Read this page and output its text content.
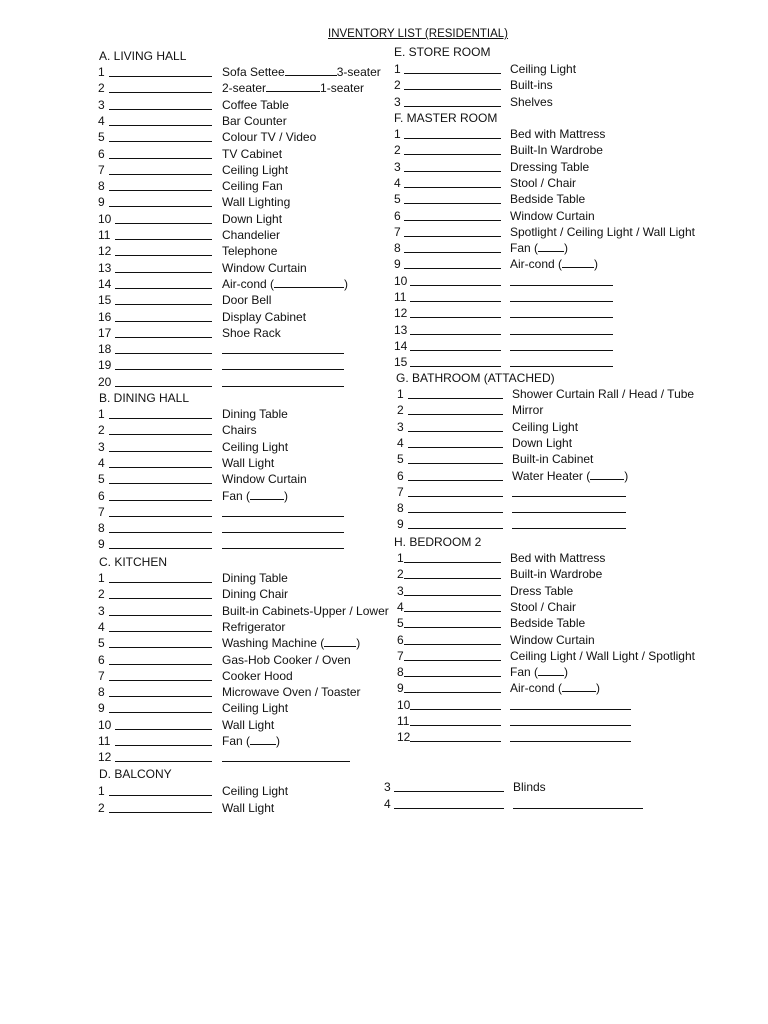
INVENTORY LIST (RESIDENTIAL)
A. LIVING HALL
B. DINING HALL
C. KITCHEN
D. BALCONY
E. STORE ROOM
F. MASTER ROOM
G. BATHROOM (ATTACHED)
H. BEDROOM 2
1	Sofa Settee	3-seater
2	2-seater	1-seater
3	Coffee Table
4	Bar Counter
5	Colour TV / Video
6	TV Cabinet
7	Ceiling Light
8	Ceiling Fan
9	Wall Lighting
10	Down Light
11	Chandelier
12	Telephone
13	Window Curtain
14	Air-cond (	)
15	Door Bell
16	Display Cabinet
17	Shoe Rack
18
19
20
1	Dining Table
2	Chairs
3	Ceiling Light
4	Wall Light
5	Window Curtain
6	Fan (	)
7
8
9
1	Dining Table
2	Dining Chair
3	Built-in Cabinets-Upper / Lower
4	Refrigerator
5	Washing Machine (	)
6	Gas-Hob Cooker / Oven
7	Cooker Hood
8	Microwave Oven / Toaster
9	Ceiling Light
10	Wall Light
11	Fan ( )
12
1	Ceiling Light
2	Wall Light
3	Blinds
4
1	Ceiling Light
2	Built-ins
3	Shelves
1	Bed with Mattress
2	Built-In Wardrobe
3	Dressing Table
4	Stool / Chair
5	Bedside Table
6	Window Curtain
7	Spotlight / Ceiling Light / Wall Light
8	Fan ( )
9	Air-cond (	)
10
11
12
13
14
15
1	Shower Curtain Rall / Head / Tube
2	Mirror
3	Ceiling Light
4	Down Light
5	Built-in Cabinet
6	Water Heater (	)
7
8
9
1	Bed with Mattress
2	Built-in Wardrobe
3	Dress Table
4	Stool / Chair
5	Bedside Table
6	Window Curtain
7	Ceiling Light / Wall Light / Spotlight
8	Fan ( )
9	Air-cond (	)
10
11
12
